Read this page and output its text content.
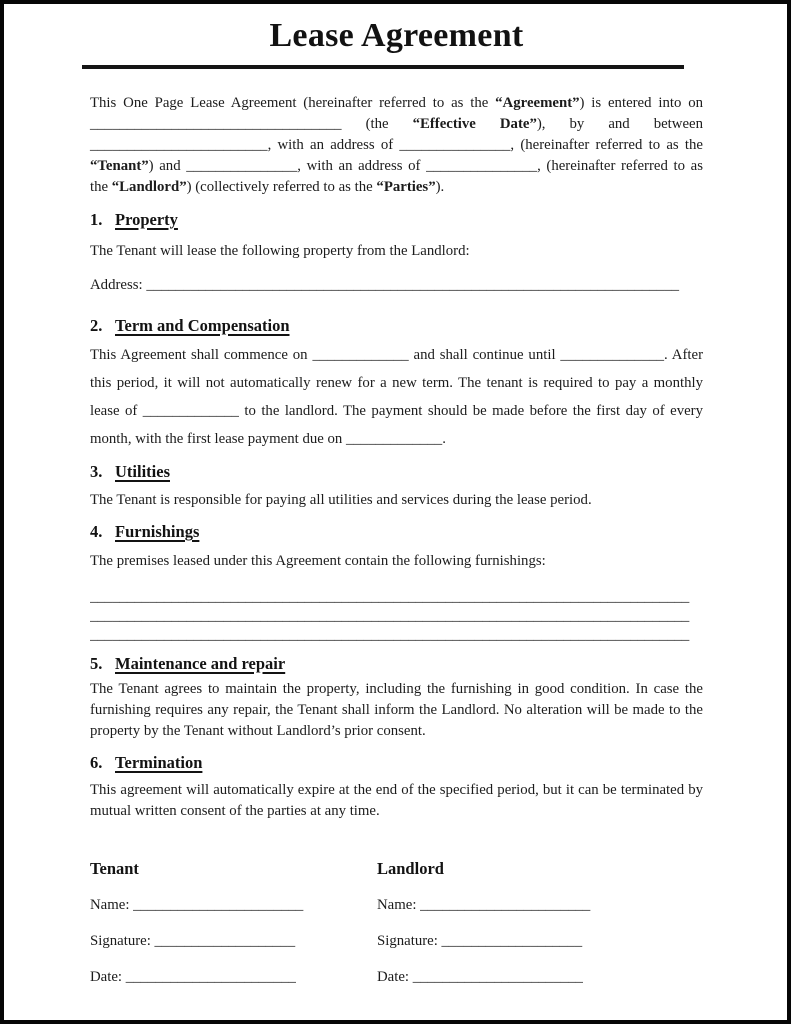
Lease Agreement

This One Page Lease Agreement (hereinafter referred to as the “Agreement”) is entered into on __________________________________ (the “Effective Date”), by and between ________________________, with an address of _______________, (hereinafter referred to as the “Tenant”) and _______________, with an address of _______________, (hereinafter referred to as the “Landlord”) (collectively referred to as the “Parties”).

1. Property

The Tenant will lease the following property from the Landlord:

Address: ________________________________________________________________________

2. Term and Compensation

This Agreement shall commence on _____________ and shall continue until ______________. After this period, it will not automatically renew for a new term. The tenant is required to pay a monthly lease of _____________ to the landlord. The payment should be made before the first day of every month, with the first lease payment due on _____________.

3. Utilities

The Tenant is responsible for paying all utilities and services during the lease period.

4. Furnishings

The premises leased under this Agreement contain the following furnishings:

_________________________________________________________________________________

_________________________________________________________________________________

_________________________________________________________________________________

5. Maintenance and repair

The Tenant agrees to maintain the property, including the furnishing in good condition. In case the furnishing requires any repair, the Tenant shall inform the Landlord. No alteration will be made to the property by the Tenant without Landlord’s prior consent.

6. Termination

This agreement will automatically expire at the end of the specified period, but it can be terminated by mutual written consent of the parties at any time.

Tenant

Name: _______________________

Signature: ___________________

Date: _______________________

Landlord

Name: _______________________

Signature: ___________________

Date: _______________________
